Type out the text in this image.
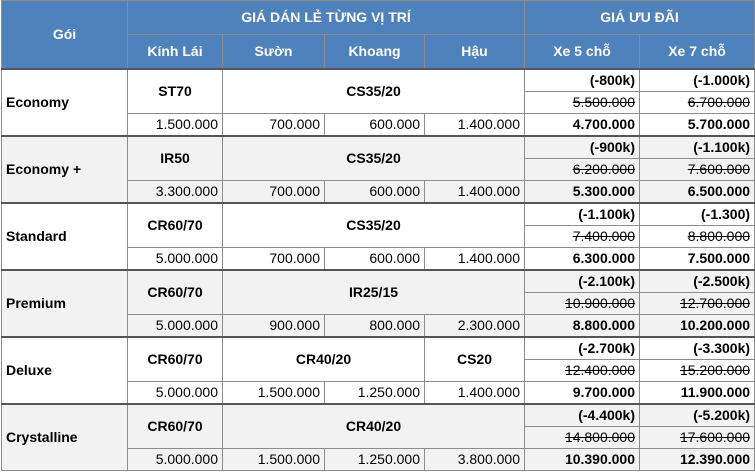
Gói	GIÁ DÁN LẺ TỪNG VỊ TRÍ				GIÁ ƯU ĐÃI	
	Kính Lái	Sườn	Khoang	Hậu	Xe 5 chỗ	Xe 7 chỗ
Economy	ST70	CS35/20			(-800k)	(-1.000k)
					5.500.000	6.700.000
	1.500.000	700.000	600.000	1.400.000	4.700.000	5.700.000
Economy +	IR50	CS35/20			(-900k)	(-1.100k)
					6.200.000	7.600.000
	3.300.000	700.000	600.000	1.400.000	5.300.000	6.500.000
Standard	CR60/70	CS35/20			(-1.100k)	(-1.300)
					7.400.000	8.800.000
	5.000.000	700.000	600.000	1.400.000	6.300.000	7.500.000
Premium	CR60/70	IR25/15			(-2.100k)	(-2.500k)
					10.900.000	12.700.000
	5.000.000	900.000	800.000	2.300.000	8.800.000	10.200.000
Deluxe	CR60/70	CR40/20		CS20	(-2.700k)	(-3.300k)
					12.400.000	15.200.000
	5.000.000	1.500.000	1.250.000	1.400.000	9.700.000	11.900.000
Crystalline	CR60/70	CR40/20			(-4.400k)	(-5.200k)
					14.800.000	17.600.000
	5.000.000	1.500.000	1.250.000	3.800.000	10.390.000	12.390.000
